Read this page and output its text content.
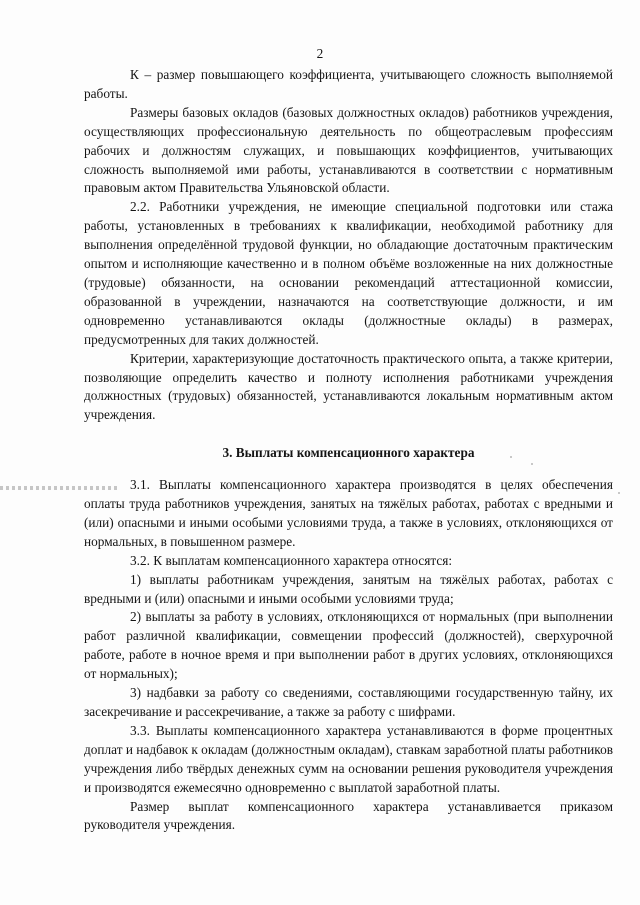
2

К – размер повышающего коэффициента, учитывающего сложность выполняемой работы.

Размеры базовых окладов (базовых должностных окладов) работников учреждения, осуществляющих профессиональную деятельность по общеотраслевым профессиям рабочих и должностям служащих, и повышающих коэффициентов, учитывающих сложность выполняемой ими работы, устанавливаются в соответствии с нормативным правовым актом Правительства Ульяновской области.

2.2. Работники учреждения, не имеющие специальной подготовки или стажа работы, установленных в требованиях к квалификации, необходимой работнику для выполнения определённой трудовой функции, но обладающие достаточным практическим опытом и исполняющие качественно и в полном объёме возложенные на них должностные (трудовые) обязанности, на основании рекомендаций аттестационной комиссии, образованной в учреждении, назначаются на соответствующие должности, и им одновременно устанавливаются оклады (должностные оклады) в размерах, предусмотренных для таких должностей.

Критерии, характеризующие достаточность практического опыта, а также критерии, позволяющие определить качество и полноту исполнения работниками учреждения должностных (трудовых) обязанностей, устанавливаются локальным нормативным актом учреждения.

3. Выплаты компенсационного характера

3.1. Выплаты компенсационного характера производятся в целях обеспечения оплаты труда работников учреждения, занятых на тяжёлых работах, работах с вредными и (или) опасными и иными особыми условиями труда, а также в условиях, отклоняющихся от нормальных, в повышенном размере.

3.2. К выплатам компенсационного характера относятся:

1) выплаты работникам учреждения, занятым на тяжёлых работах, работах с вредными и (или) опасными и иными особыми условиями труда;

2) выплаты за работу в условиях, отклоняющихся от нормальных (при выполнении работ различной квалификации, совмещении профессий (должностей), сверхурочной работе, работе в ночное время и при выполнении работ в других условиях, отклоняющихся от нормальных);

3) надбавки за работу со сведениями, составляющими государственную тайну, их засекречивание и рассекречивание, а также за работу с шифрами.

3.3. Выплаты компенсационного характера устанавливаются в форме процентных доплат и надбавок к окладам (должностным окладам), ставкам заработной платы работников учреждения либо твёрдых денежных сумм на основании решения руководителя учреждения и производятся ежемесячно одновременно с выплатой заработной платы.

Размер выплат компенсационного характера устанавливается приказом руководителя учреждения.
